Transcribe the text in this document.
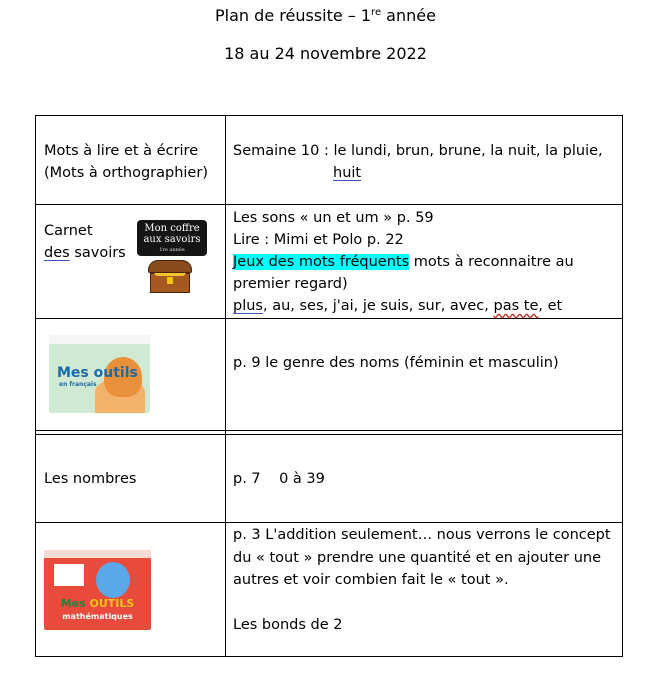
Plan de réussite – 1re année
18 au 24 novembre 2022
Mots à lire et à écrire
(Mots à orthographier)
Semaine 10 : le lundi, brun, brune, la nuit, la pluie,
huit
Carnet
des savoirs
Mon coffre
aux savoirs
1re année
Les sons « un et um » p. 59
Lire : Mimi et Polo p. 22
Jeux des mots fréquents mots à reconnaitre au
premier regard)
plus, au, ses, j'ai, je suis, sur, avec, pas te, et
Mes outils
en français
p. 9 le genre des noms (féminin et masculin)
Les nombres	p. 7    0 à 39
Mes OUTILS
mathématiques
p. 3 L'addition seulement… nous verrons le concept
du « tout » prendre une quantité et en ajouter une
autres et voir combien fait le « tout ».
Les bonds de 2
